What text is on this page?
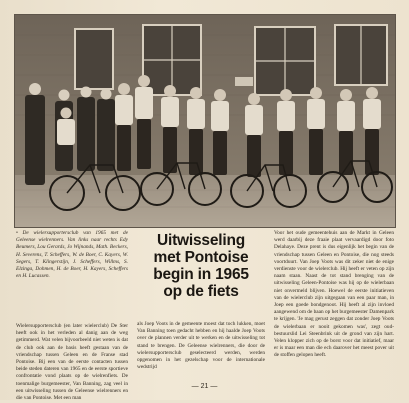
• De wielersupportersclub van 1965 met de Geleense wielrenners. Van links naar rechts Edy Beumers, Lou Gerards, Jo Wijnands, Math. Beckers, H. Severens, T. Scheffers, W. de Boer, C. Kayers, W. Segers, T. Klingerstijn, J. Scheffers, Willms, S. Elzinga, Dohmen, H. de Boer, H. Kayers, Scheffers en H. Lucassen.

Uitwisseling
met Pontoise
begin in 1965
op de fiets

Wielersupportersclub (en later wielerclub) De Ster heeft ook in het verleden al danig aan de weg getimmerd. Wat velen bijvoorbeeld niet weten is dat de club ook aan de basis heeft gestaan van de vriendschap tussen Geleen en de Franse stad Pontoise. Bij een van de eerste contacten tussen beide steden dateren van 1965 en de eerste sportieve confrontatie vond plaats op de wielrenfiets. De toenmalige burgemeester, Van Banning, zag veel in een uitwisseling tussen de Geleense wielrenners en die van Pontoise. Met een man

als Joep Voots in de gemeente moest dat toch lukken, moet Van Banning toen gedacht hebben en hij haalde Joep Voots over de plannen verder uit te werken en de uitwisseling tot stand te brengen. De Geleense wielrenners, die door de wielersupportersclub geselecteerd werden, werden opgenomen in het gezelschap voor de internationale wedstrijd

Voor het oude gemeentehuis aan de Markt in Geleen werd daarbij deze fraaie plaat vervaardigd door foto Delahaye. Deze prent is dus eigenlijk het begin van de vriendschap tussen Geleen en Pontoise, die nog steeds voortduurt. Van Joep Voots was dit zeker niet de enige verdienste voor de wielerclub. Hij heeft er veten op zijn naam staan. Naast de tot stand brenging van de uitwisseling Geleen-Pontoise was hij op de wielerbaan niet onvermeld blijven. Hoewel de eerste initiatieven van de wielerclub zijn uitgegaan van een paar man, in Joep een goede bondgenoot. Hij heeft al zijn invloed aangewend om de baan op het burgemeester Damenpark te krijgen. 'Je mag gerust zeggen dat zonder Joep Voots de wielerbaan er nooit gekomen was', zegt oud-bestuurslid Lei Steenbrink uit de grond van zijn hart. Velen klopper zich op de borst voor dat initiatief, maar er is maar een man die ech daarover het meest pover uit de stoffen gelopen heeft.

— 21 —
